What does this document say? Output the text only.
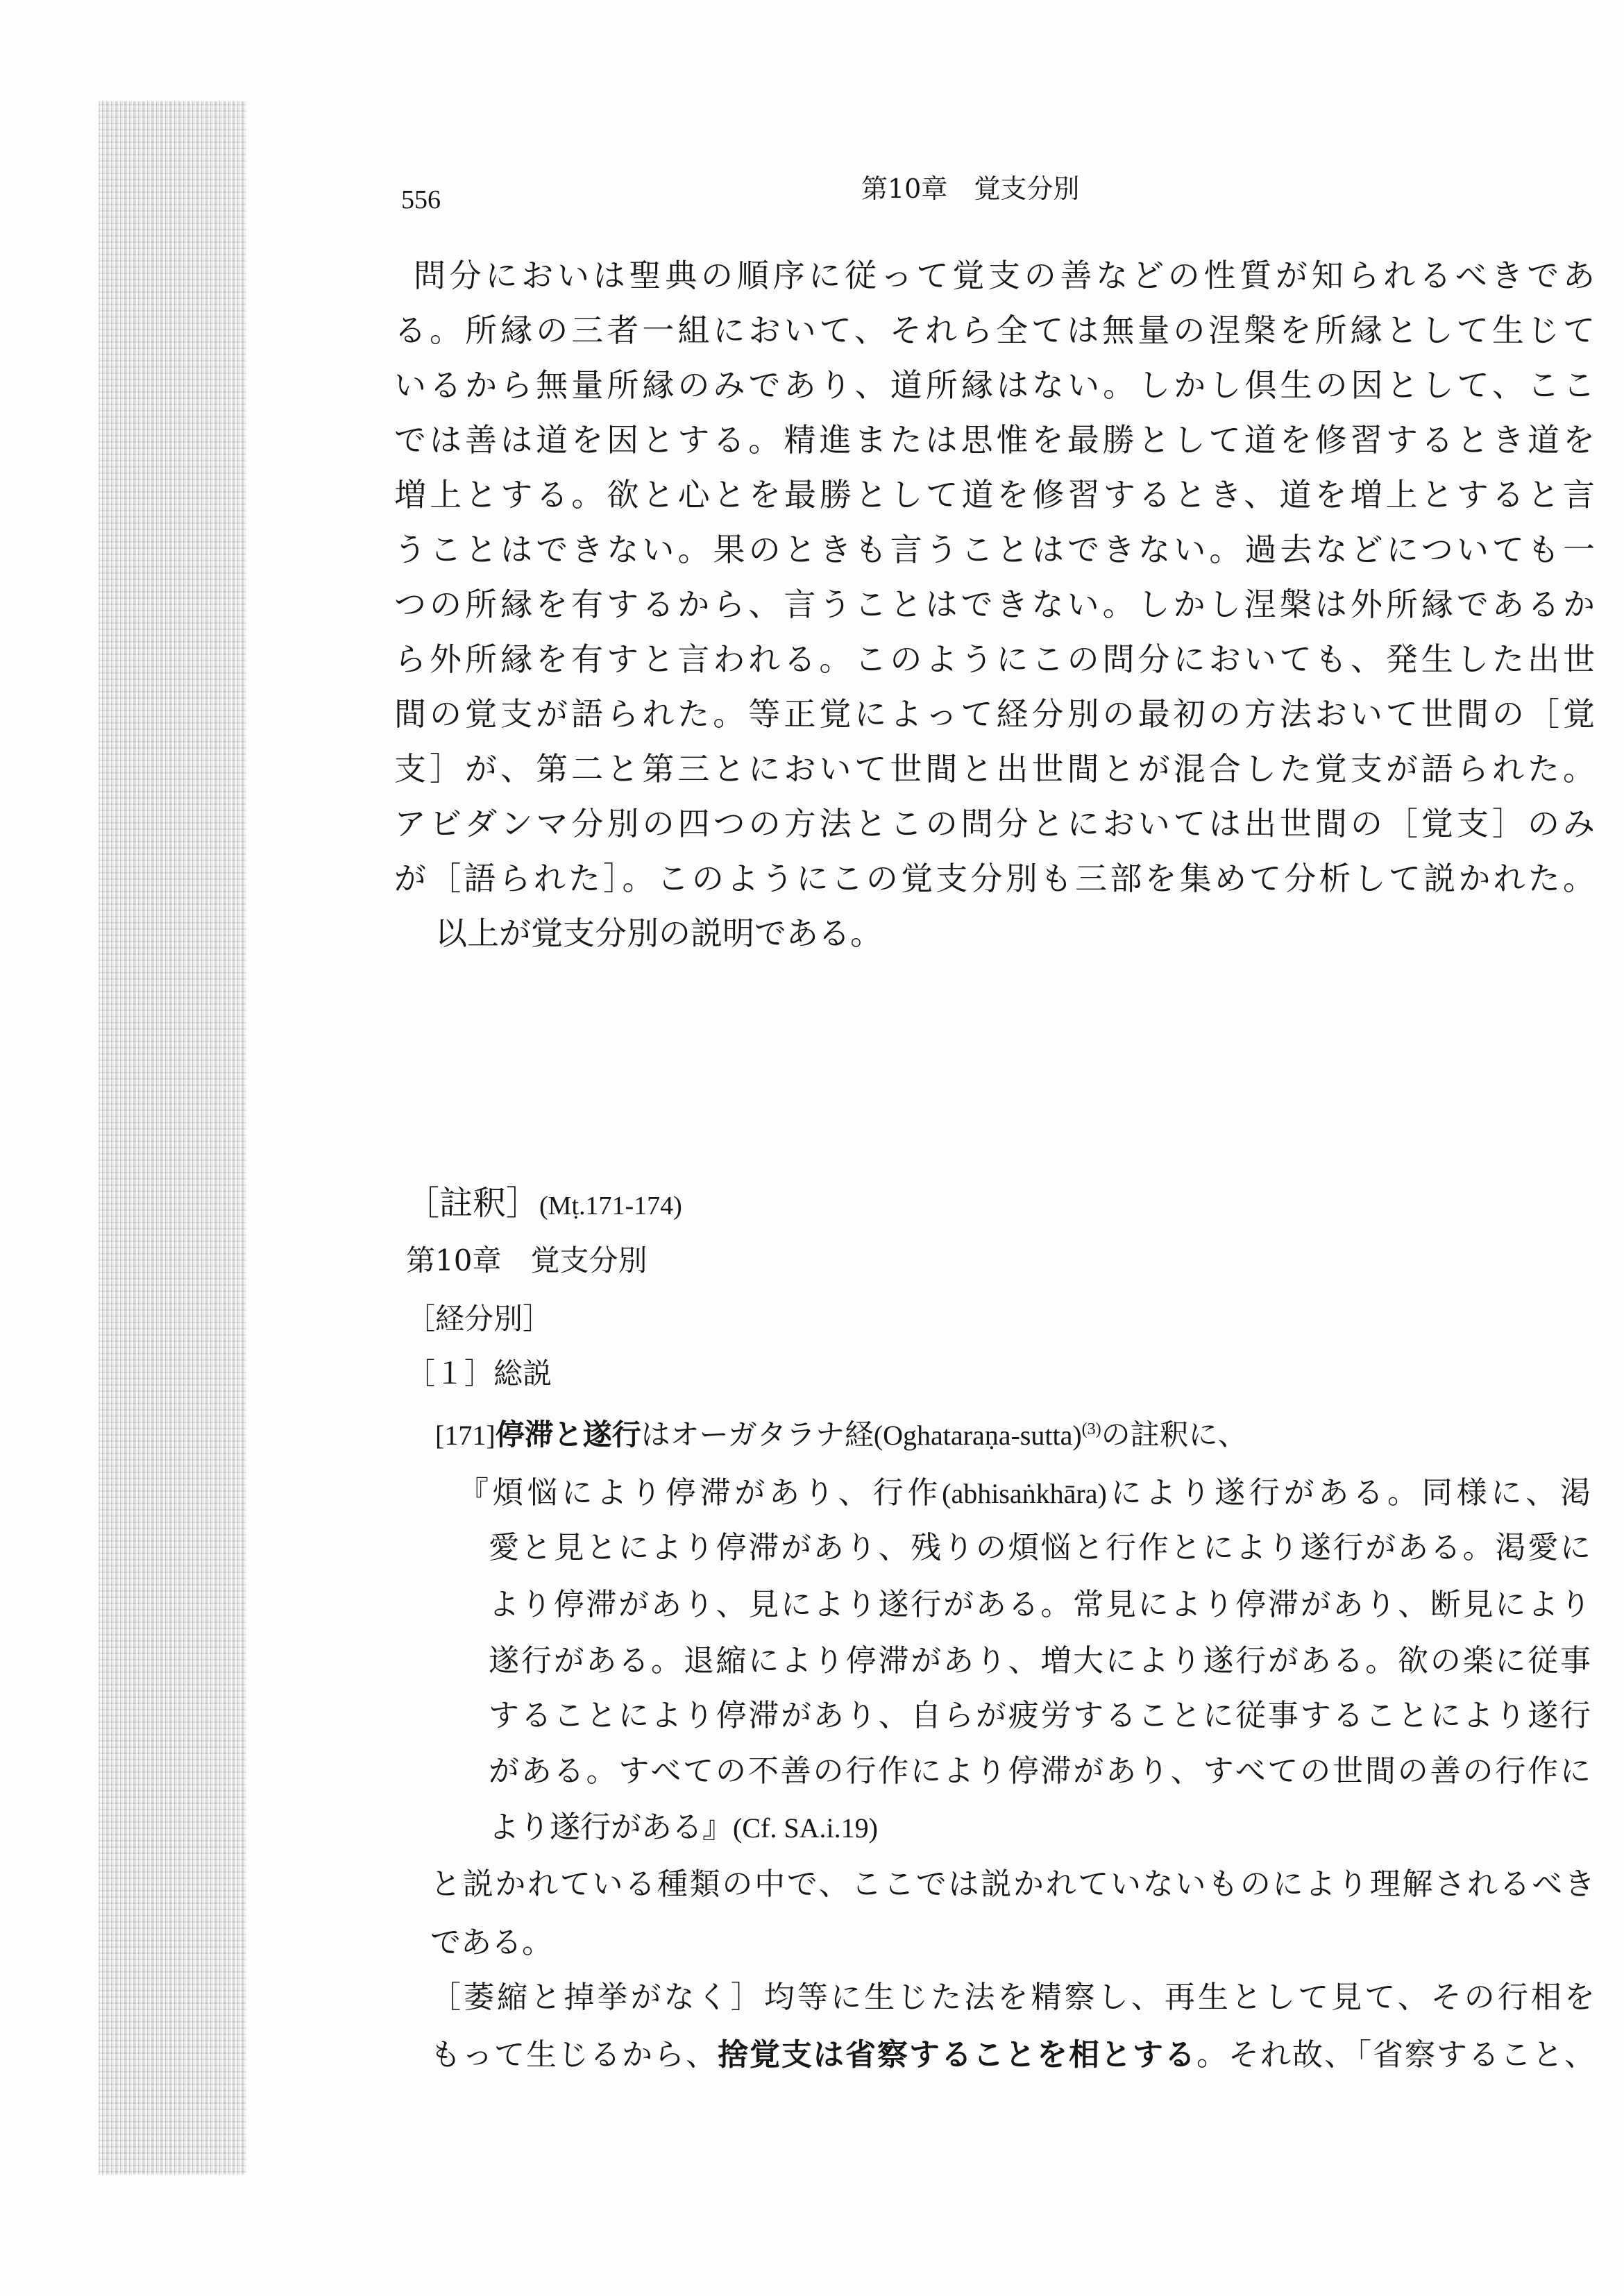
556	第10章　覚支分別
問分においは聖典の順序に従って覚支の善などの性質が知られるべきであ
る。所縁の三者一組において、それら全ては無量の涅槃を所縁として生じて
いるから無量所縁のみであり、道所縁はない。しかし倶生の因として、ここ
では善は道を因とする。精進または思惟を最勝として道を修習するとき道を
増上とする。欲と心とを最勝として道を修習するとき、道を増上とすると言
うことはできない。果のときも言うことはできない。過去などについても一
つの所縁を有するから、言うことはできない。しかし涅槃は外所縁であるか
ら外所縁を有すと言われる。このようにこの問分においても、発生した出世
間の覚支が語られた。等正覚によって経分別の最初の方法おいて世間の［覚
支］が、第二と第三とにおいて世間と出世間とが混合した覚支が語られた。
アビダンマ分別の四つの方法とこの問分とにおいては出世間の［覚支］のみ
が［語られた］。このようにこの覚支分別も三部を集めて分析して説かれた。
以上が覚支分別の説明である。
［註釈］(Mṭ.171-174)
第10章　覚支分別
［経分別］
［１］総説
[171]停滞と遂行はオーガタラナ経(Oghataraṇa-sutta)$^{(3)}$の註釈に、
『煩悩により停滞があり、行作(abhisaṅkhāra)により遂行がある。同様に、渇
愛と見とにより停滞があり、残りの煩悩と行作とにより遂行がある。渇愛に
より停滞があり、見により遂行がある。常見により停滞があり、断見により
遂行がある。退縮により停滞があり、増大により遂行がある。欲の楽に従事
することにより停滞があり、自らが疲労することに従事することにより遂行
がある。すべての不善の行作により停滞があり、すべての世間の善の行作に
より遂行がある』(Cf. SA.i.19)
と説かれている種類の中で、ここでは説かれていないものにより理解されるべき
である。
［萎縮と掉挙がなく］均等に生じた法を精察し、再生として見て、その行相を
もって生じるから、捨覚支は省察することを相とする。それ故、「省察すること、
